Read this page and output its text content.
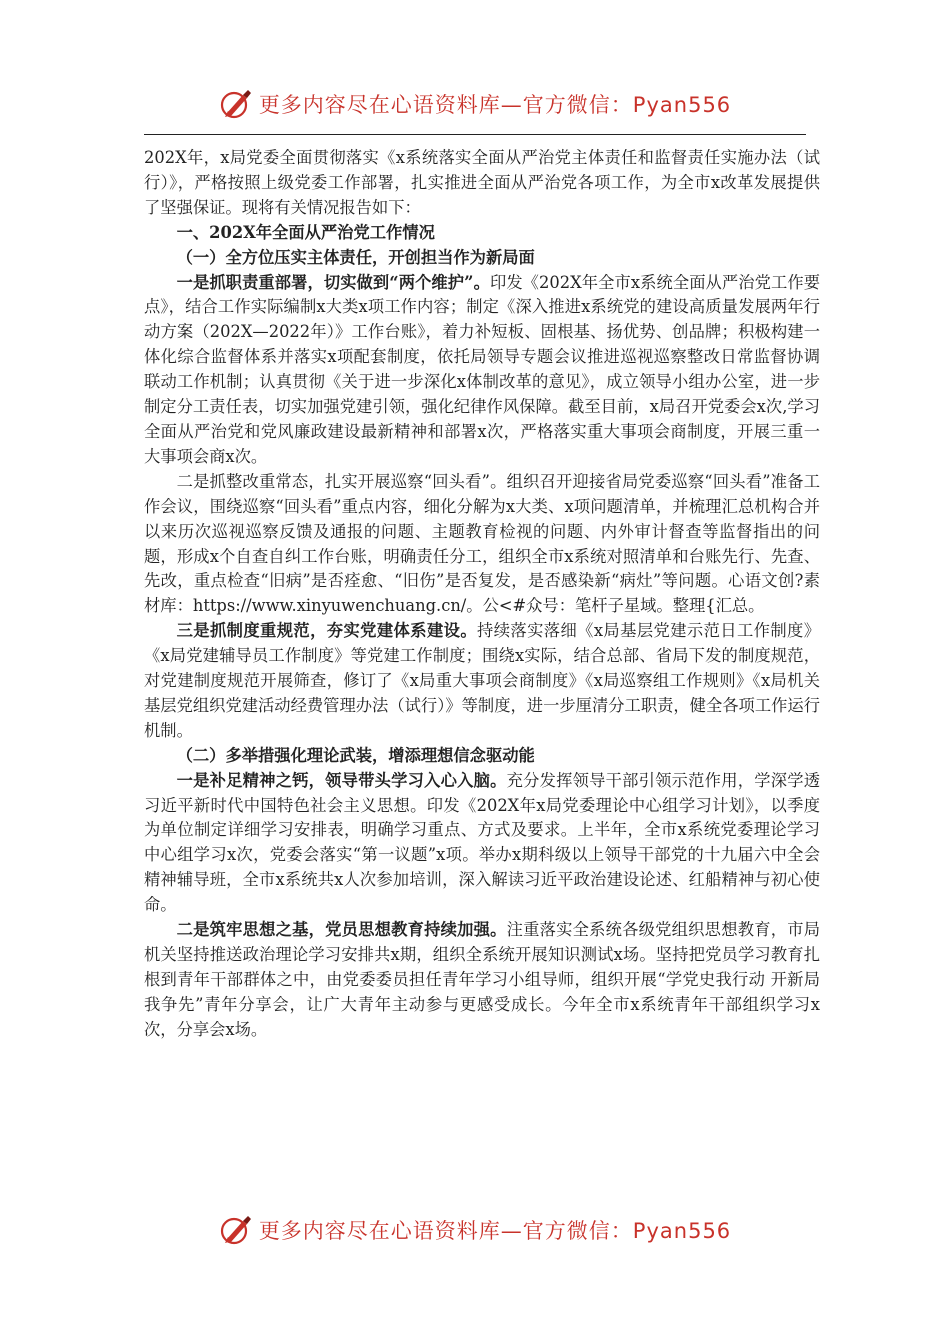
更多内容尽在心语资料库—官方微信：Pyan556

202X年，x局党委全面贯彻落实《x系统落实全面从严治党主体责任和监督责任实施办法（试行）》，严格按照上级党委工作部署，扎实推进全面从严治党各项工作，为全市x改革发展提供了坚强保证。现将有关情况报告如下：

一、202X年全面从严治党工作情况

（一）全方位压实主体责任，开创担当作为新局面

一是抓职责重部署，切实做到“两个维护”。印发《202X年全市x系统全面从严治党工作要点》，结合工作实际编制x大类x项工作内容；制定《深入推进x系统党的建设高质量发展两年行动方案（202X—2022年）》工作台账》，着力补短板、固根基、扬优势、创品牌；积极构建一体化综合监督体系并落实x项配套制度，依托局领导专题会议推进巡视巡察整改日常监督协调联动工作机制；认真贯彻《关于进一步深化x体制改革的意见》，成立领导小组办公室，进一步制定分工责任表，切实加强党建引领，强化纪律作风保障。截至目前，x局召开党委会x次,学习全面从严治党和党风廉政建设最新精神和部署x次，严格落实重大事项会商制度，开展三重一大事项会商x次。

二是抓整改重常态，扎实开展巡察“回头看”。组织召开迎接省局党委巡察“回头看”准备工作会议，围绕巡察“回头看”重点内容，细化分解为x大类、x项问题清单，并梳理汇总机构合并以来历次巡视巡察反馈及通报的问题、主题教育检视的问题、内外审计督查等监督指出的问题，形成x个自查自纠工作台账，明确责任分工，组织全市x系统对照清单和台账先行、先查、先改，重点检查“旧病”是否痊愈、“旧伤”是否复发，是否感染新“病灶”等问题。心语文创?素材库：https://www.xinyuwenchuang.cn/。公<#众号：笔杆子星域。整理{汇总。

三是抓制度重规范，夯实党建体系建设。持续落实落细《x局基层党建示范日工作制度》《x局党建辅导员工作制度》等党建工作制度；围绕x实际，结合总部、省局下发的制度规范，对党建制度规范开展筛查，修订了《x局重大事项会商制度》《x局巡察组工作规则》《x局机关基层党组织党建活动经费管理办法（试行）》等制度，进一步厘清分工职责，健全各项工作运行机制。

（二）多举措强化理论武装，增添理想信念驱动能

一是补足精神之钙，领导带头学习入心入脑。充分发挥领导干部引领示范作用，学深学透习近平新时代中国特色社会主义思想。印发《202X年x局党委理论中心组学习计划》，以季度为单位制定详细学习安排表，明确学习重点、方式及要求。上半年，全市x系统党委理论学习中心组学习x次，党委会落实“第一议题”x项。举办x期科级以上领导干部党的十九届六中全会精神辅导班，全市x系统共x人次参加培训，深入解读习近平政治建设论述、红船精神与初心使命。

二是筑牢思想之基，党员思想教育持续加强。注重落实全系统各级党组织思想教育，市局机关坚持推送政治理论学习安排共x期，组织全系统开展知识测试x场。坚持把党员学习教育扎根到青年干部群体之中，由党委委员担任青年学习小组导师，组织开展“学党史我行动 开新局我争先”青年分享会，让广大青年主动参与更感受成长。今年全市x系统青年干部组织学习x次，分享会x场。

更多内容尽在心语资料库—官方微信：Pyan556
